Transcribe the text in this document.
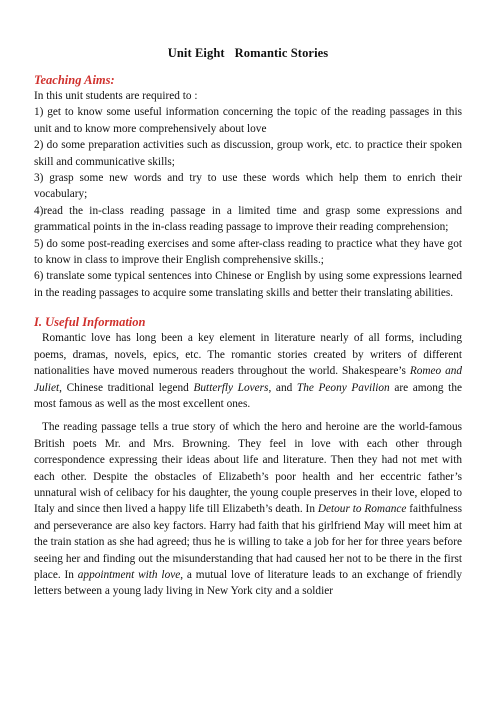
Unit Eight Romantic Stories
Teaching Aims:

In this unit students are required to :

1) get to know some useful information concerning the topic of the reading passages in this unit and to know more comprehensively about love

2) do some preparation activities such as discussion, group work, etc. to practice their spoken skill and communicative skills;

3) grasp some new words and try to use these words which help them to enrich their vocabulary;

4)read the in-class reading passage in a limited time and grasp some expressions and grammatical points in the in-class reading passage to improve their reading comprehension;

5) do some post-reading exercises and some after-class reading to practice what they have got to know in class to improve their English comprehensive skills.;

6) translate some typical sentences into Chinese or English by using some expressions learned in the reading passages to acquire some translating skills and better their translating abilities.

I. Useful Information

Romantic love has long been a key element in literature nearly of all forms, including poems, dramas, novels, epics, etc. The romantic stories created by writers of different nationalities have moved numerous readers throughout the world. Shakespeare’s Romeo and Juliet, Chinese traditional legend Butterfly Lovers, and The Peony Pavilion are among the most famous as well as the most excellent ones.

The reading passage tells a true story of which the hero and heroine are the world-famous British poets Mr. and Mrs. Browning. They feel in love with each other through correspondence expressing their ideas about life and literature. Then they had not met with each other. Despite the obstacles of Elizabeth’s poor health and her eccentric father’s unnatural wish of celibacy for his daughter, the young couple preserves in their love, eloped to Italy and since then lived a happy life till Elizabeth’s death. In Detour to Romance faithfulness and perseverance are also key factors. Harry had faith that his girlfriend May will meet him at the train station as she had agreed; thus he is willing to take a job for her for three years before seeing her and finding out the misunderstanding that had caused her not to be there in the first place. In appointment with love, a mutual love of literature leads to an exchange of friendly letters between a young lady living in New York city and a soldier
